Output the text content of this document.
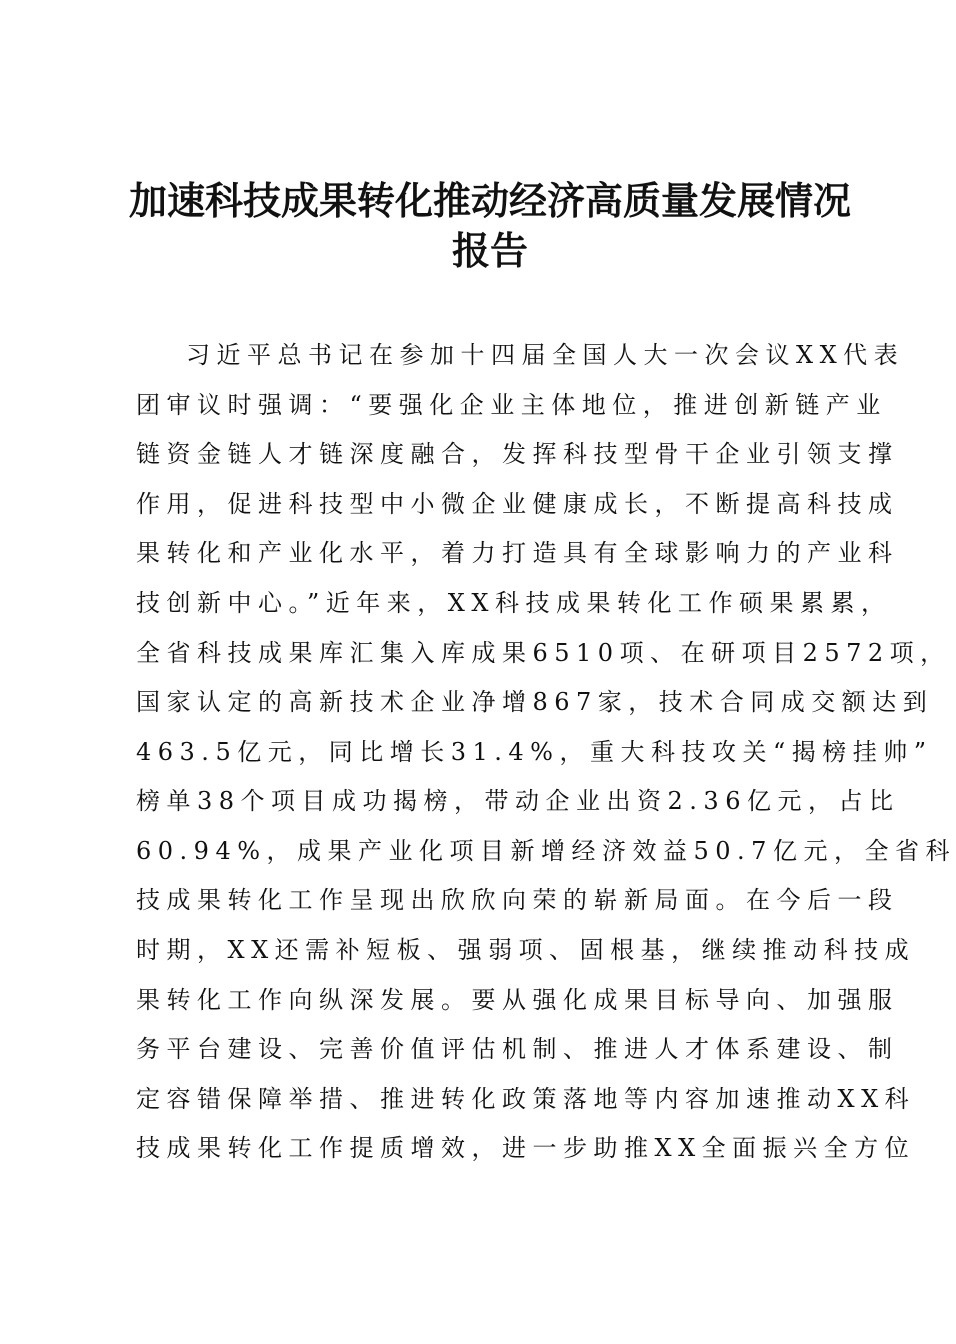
加速科技成果转化推动经济高质量发展情况
报告
习近平总书记在参加十四届全国人大一次会议XX代表
团审议时强调：“要强化企业主体地位，推进创新链产业
链资金链人才链深度融合，发挥科技型骨干企业引领支撑
作用，促进科技型中小微企业健康成长，不断提高科技成
果转化和产业化水平，着力打造具有全球影响力的产业科
技创新中心。”近年来，XX科技成果转化工作硕果累累，
全省科技成果库汇集入库成果6510项、在研项目2572项，
国家认定的高新技术企业净增867家，技术合同成交额达到
463.5亿元，同比增长31.4%，重大科技攻关“揭榜挂帅”
榜单38个项目成功揭榜，带动企业出资2.36亿元，占比
60.94%，成果产业化项目新增经济效益50.7亿元，全省科
技成果转化工作呈现出欣欣向荣的崭新局面。在今后一段
时期，XX还需补短板、强弱项、固根基，继续推动科技成
果转化工作向纵深发展。要从强化成果目标导向、加强服
务平台建设、完善价值评估机制、推进人才体系建设、制
定容错保障举措、推进转化政策落地等内容加速推动XX科
技成果转化工作提质增效，进一步助推XX全面振兴全方位
